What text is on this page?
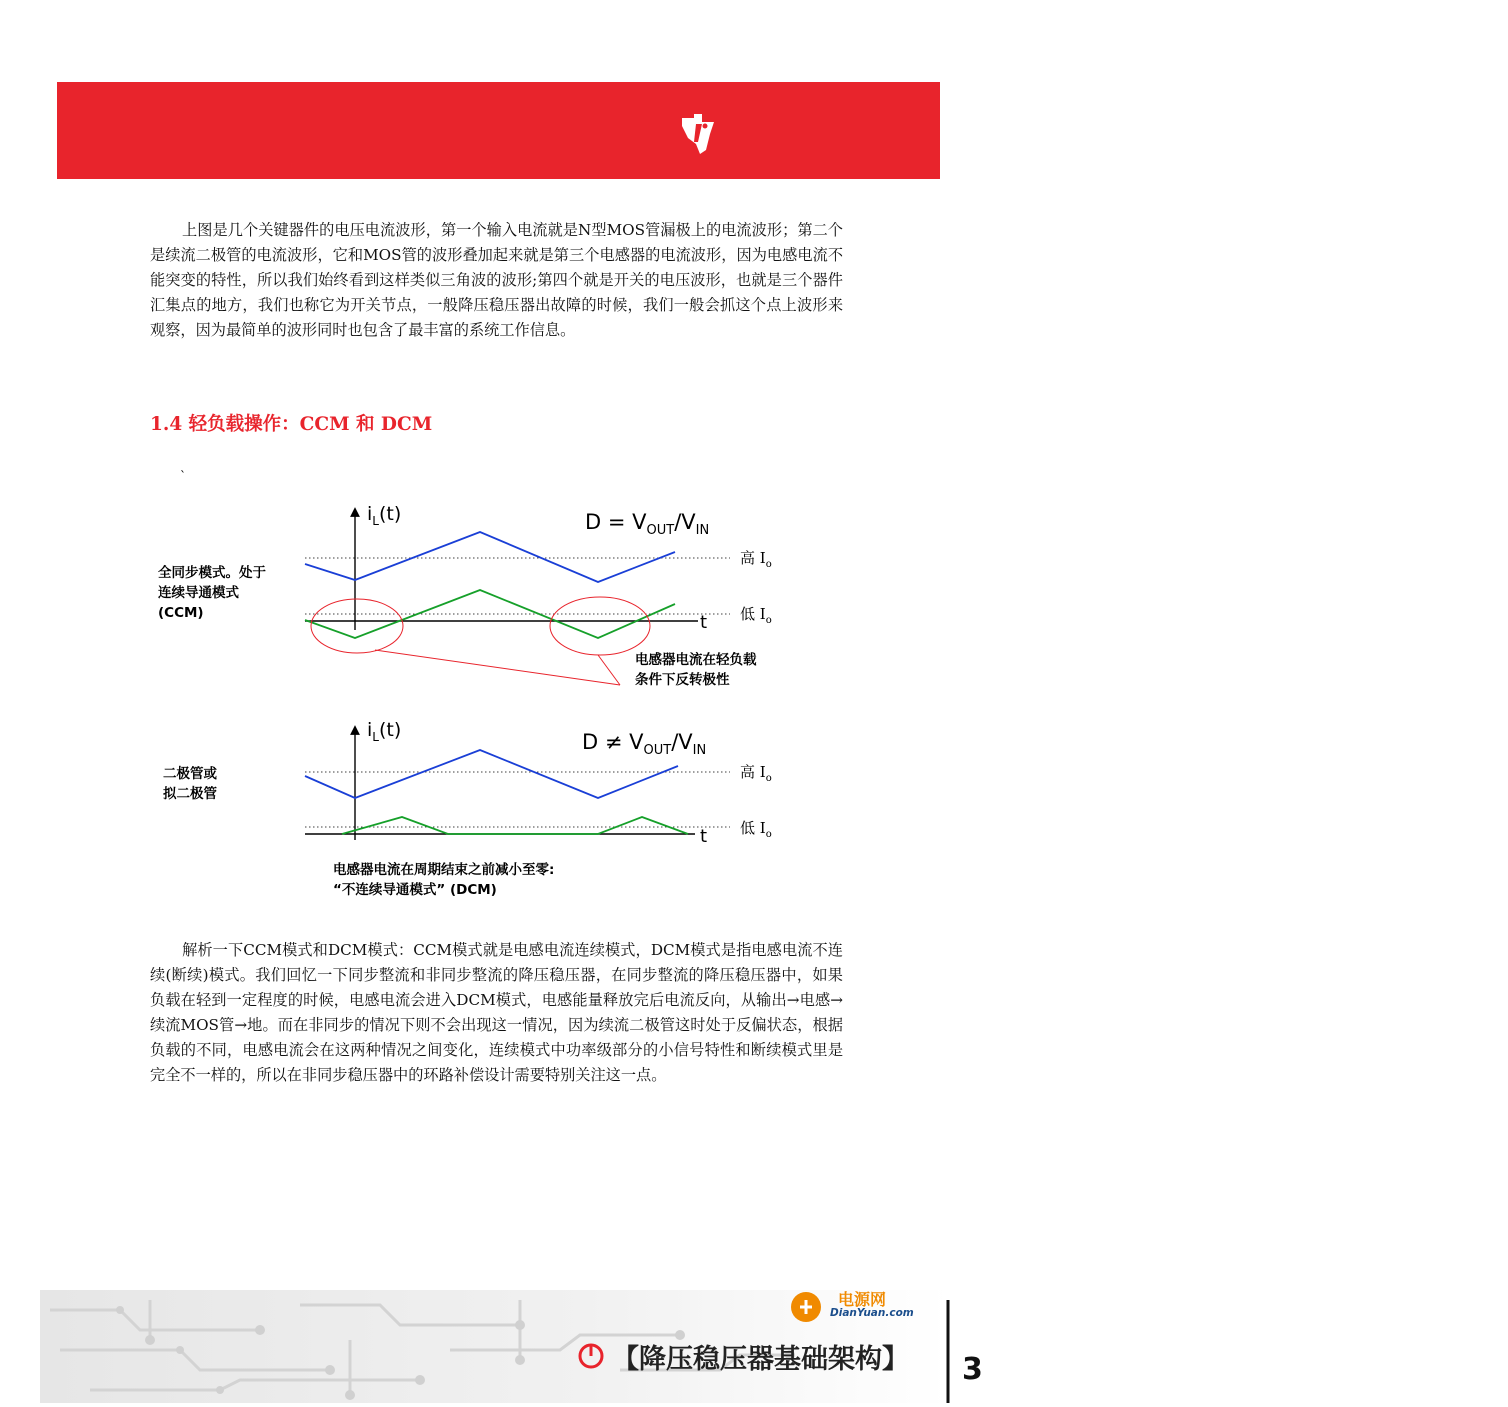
TEXAS
INSTRUMENTS

上图是几个关键器件的电压电流波形，第一个输入电流就是N型MOS管漏极上的电流波形；第二个是续流二极管的电流波形，它和MOS管的波形叠加起来就是第三个电感器的电流波形，因为电感电流不能突变的特性，所以我们始终看到这样类似三角波的波形;第四个就是开关的电压波形，也就是三个器件汇集点的地方，我们也称它为开关节点，一般降压稳压器出故障的时候，我们一般会抓这个点上波形来观察，因为最简单的波形同时也包含了最丰富的系统工作信息。

1.4 轻负载操作：CCM 和 DCM
`
全同步模式。处于
连续导通模式
(CCM)
$i_L(t)$	$D = V_{OUT}/V_{IN}$
高 $I_o$
低 $I_o$
t
电感器电流在轻负载
条件下反转极性
二极管或
拟二极管
$i_L(t)$	$D \ne V_{OUT}/V_{IN}$
高 $I_o$
低 $I_o$
t
电感器电流在周期结束之前减小至零:
“不连续导通模式” (DCM)

解析一下CCM模式和DCM模式：CCM模式就是电感电流连续模式，DCM模式是指电感电流不连续(断续)模式。我们回忆一下同步整流和非同步整流的降压稳压器，在同步整流的降压稳压器中，如果负载在轻到一定程度的时候，电感电流会进入DCM模式，电感能量释放完后电流反向，从输出→电感→续流MOS管→地。而在非同步的情况下则不会出现这一情况，因为续流二极管这时处于反偏状态，根据负载的不同，电感电流会在这两种情况之间变化，连续模式中功率级部分的小信号特性和断续模式里是完全不一样的，所以在非同步稳压器中的环路补偿设计需要特别关注这一点。

电源网
DianYuan.com
【降压稳压器基础架构】 3
